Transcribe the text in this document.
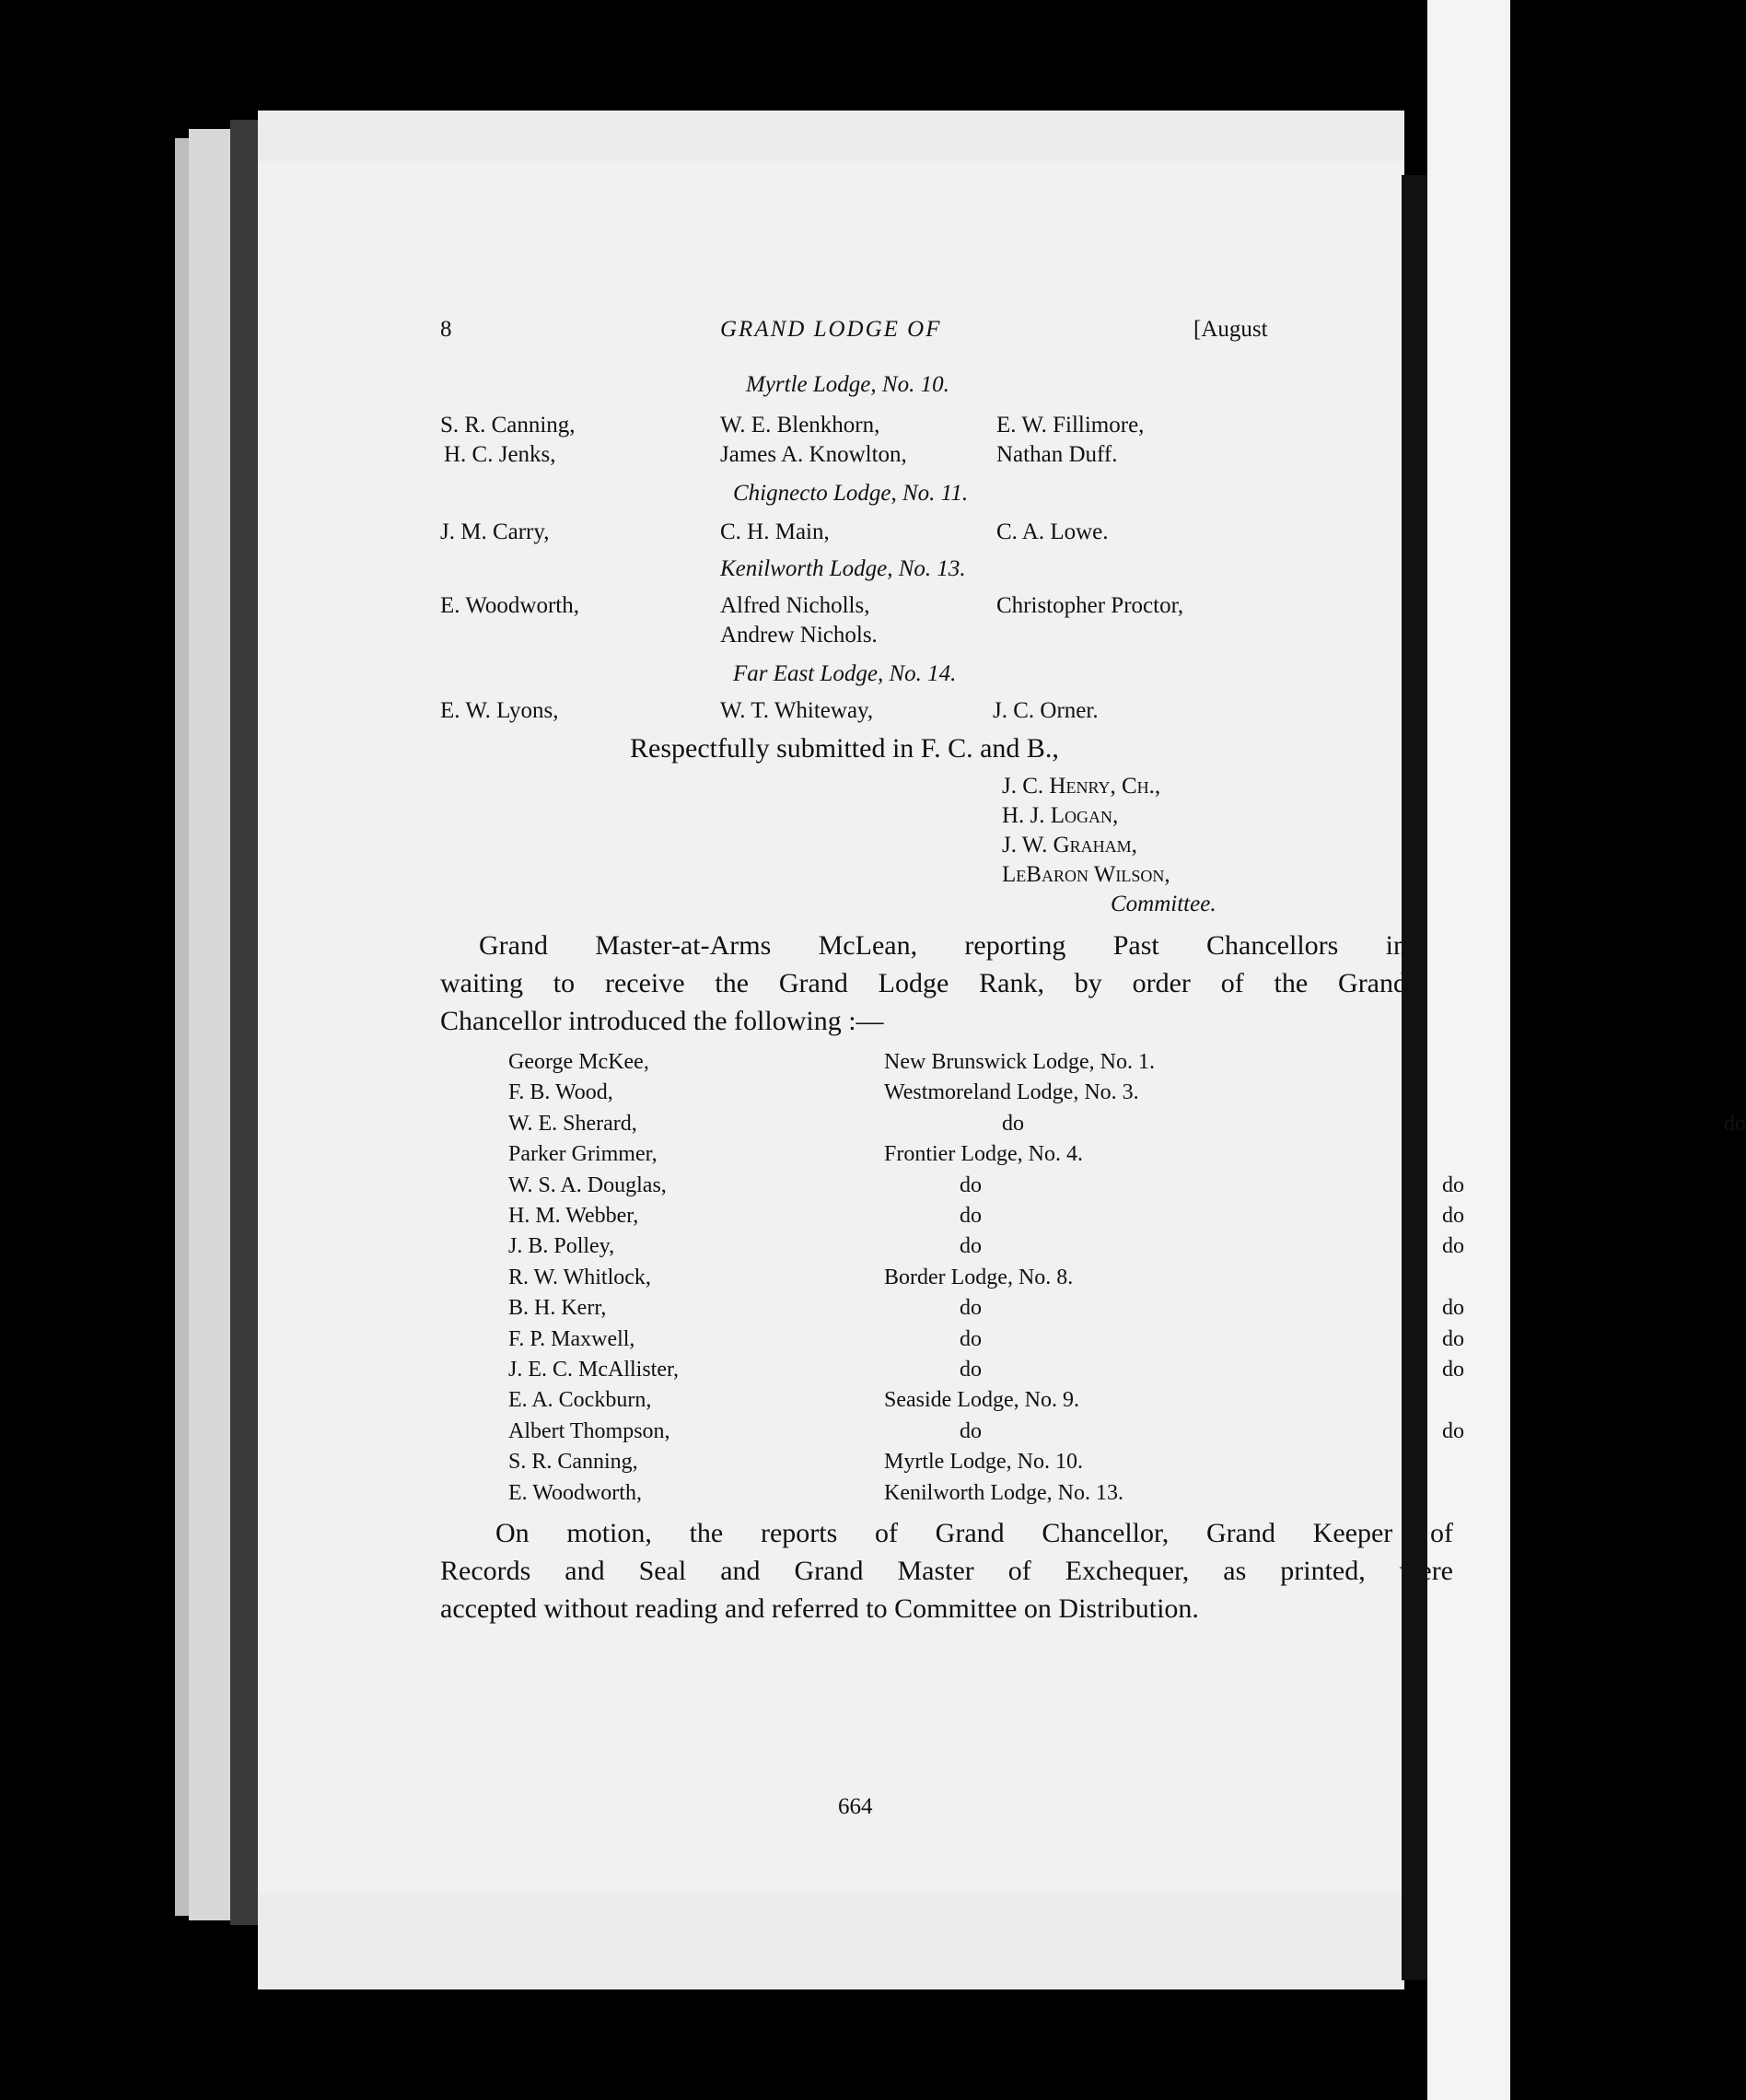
8	GRAND LODGE OF	[August
Myrtle Lodge, No. 10.
S. R. Canning,	W. E. Blenkhorn,	E. W. Fillimore,
H. C. Jenks,	James A. Knowlton,	Nathan Duff.
Chignecto Lodge, No. 11.
J. M. Carry,	C. H. Main,	C. A. Lowe.
Kenilworth Lodge, No. 13.
E. Woodworth,	Alfred Nicholls,	Christopher Proctor,
Andrew Nichols.
Far East Lodge, No. 14.
E. W. Lyons,	W. T. Whiteway,	J. C. Orner.
Respectfully submitted in F. C. and B.,
J. C. Henry, Ch.,
H. J. Logan,
J. W. Graham,
LeBaron Wilson,
Committee.
Grand Master-at-Arms McLean, reporting Past Chancellors in
waiting to receive the Grand Lodge Rank, by order of the Grand
Chancellor introduced the following :—
George McKee,	New Brunswick Lodge, No. 1.
F. B. Wood,	Westmoreland Lodge, No. 3.
W. E. Sherard,	do          do
Parker Grimmer,	Frontier Lodge, No. 4.
W. S. A. Douglas,	do          do
H. M. Webber,	do          do
J. B. Polley,	do          do
R. W. Whitlock,	Border Lodge, No. 8.
B. H. Kerr,	do          do
F. P. Maxwell,	do          do
J. E. C. McAllister,	do          do
E. A. Cockburn,	Seaside Lodge, No. 9.
Albert Thompson,	do          do
S. R. Canning,	Myrtle Lodge, No. 10.
E. Woodworth,	Kenilworth Lodge, No. 13.
On motion, the reports of Grand Chancellor, Grand Keeper of
Records and Seal and Grand Master of Exchequer, as printed, were
accepted without reading and referred to Committee on Distribution.
664
